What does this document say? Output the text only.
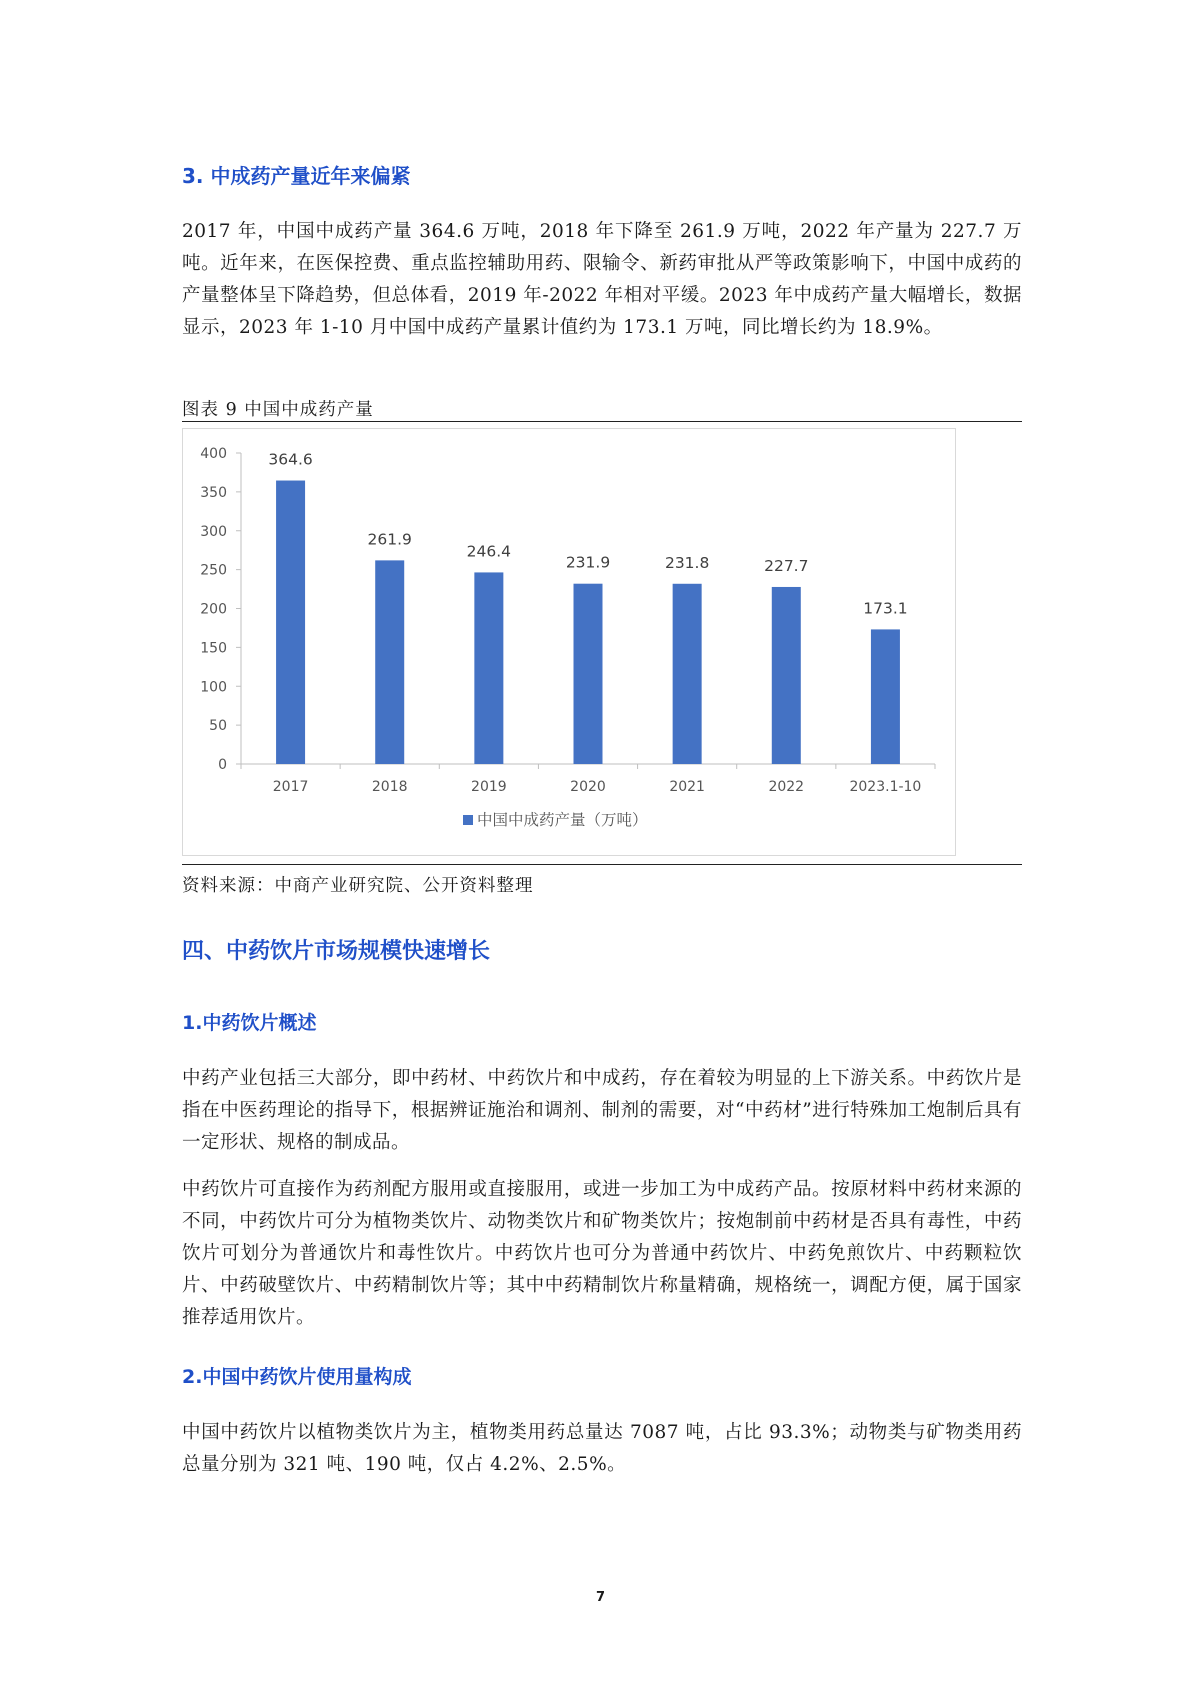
3. 中成药产量近年来偏紧

2017 年，中国中成药产量 364.6 万吨，2018 年下降至 261.9 万吨，2022 年产量为 227.7 万吨。近年来，在医保控费、重点监控辅助用药、限输令、新药审批从严等政策影响下，中国中成药的产量整体呈下降趋势，但总体看，2019 年-2022 年相对平缓。2023 年中成药产量大幅增长，数据显示，2023 年 1-10 月中国中成药产量累计值约为 173.1 万吨，同比增长约为 18.9%。

图表 9 中国中成药产量
0
50
100
150
200
250
300
350
400	364.6
2017
261.9
2018
246.4
2019
231.9
2020
231.8
2021
227.7
2022
173.1
2023.1-10
中国中成药产量（万吨）
资料来源：中商产业研究院、公开资料整理
四、中药饮片市场规模快速增长
1.中药饮片概述

中药产业包括三大部分，即中药材、中药饮片和中成药，存在着较为明显的上下游关系。中药饮片是指在中医药理论的指导下，根据辨证施治和调剂、制剂的需要，对“中药材”进行特殊加工炮制后具有一定形状、规格的制成品。

中药饮片可直接作为药剂配方服用或直接服用，或进一步加工为中成药产品。按原材料中药材来源的不同，中药饮片可分为植物类饮片、动物类饮片和矿物类饮片；按炮制前中药材是否具有毒性，中药饮片可划分为普通饮片和毒性饮片。中药饮片也可分为普通中药饮片、中药免煎饮片、中药颗粒饮片、中药破壁饮片、中药精制饮片等；其中中药精制饮片称量精确，规格统一，调配方便，属于国家推荐适用饮片。

2.中国中药饮片使用量构成

中国中药饮片以植物类饮片为主，植物类用药总量达 7087 吨，占比 93.3%；动物类与矿物类用药总量分别为 321 吨、190 吨，仅占 4.2%、2.5%。

7
